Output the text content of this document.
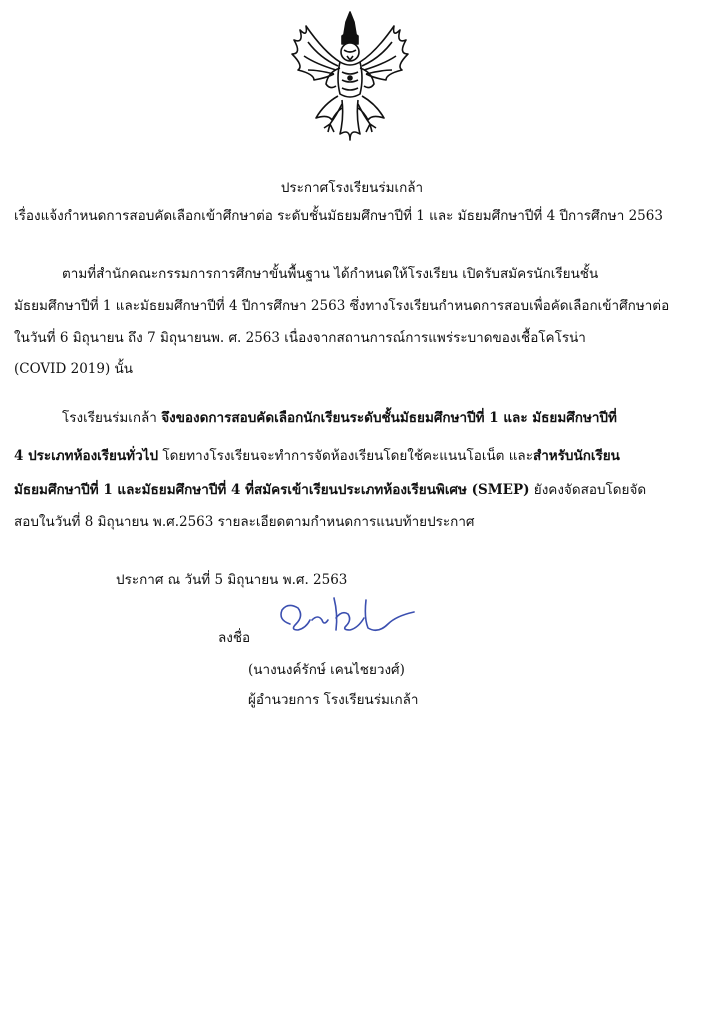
ประกาศโรงเรียนร่มเกล้า
เรื่องแจ้งกำหนดการสอบคัดเลือกเข้าศึกษาต่อ ระดับชั้นมัธยมศึกษาปีที่ 1 และ มัธยมศึกษาปีที่ 4 ปีการศึกษา 2563
ตามที่สำนักคณะกรรมการการศึกษาขั้นพื้นฐาน ได้กำหนดให้โรงเรียน เปิดรับสมัครนักเรียนชั้น
มัธยมศึกษาปีที่ 1 และมัธยมศึกษาปีที่ 4 ปีการศึกษา 2563 ซึ่งทางโรงเรียนกำหนดการสอบเพื่อคัดเลือกเข้าศึกษาต่อ
ในวันที่ 6 มิถุนายน ถึง 7 มิถุนายนพ. ศ. 2563 เนื่องจากสถานการณ์การแพร่ระบาดของเชื้อโคโรน่า
(COVID 2019) นั้น
โรงเรียนร่มเกล้า จึงของดการสอบคัดเลือกนักเรียนระดับชั้นมัธยมศึกษาปีที่ 1 และ มัธยมศึกษาปีที่
4 ประเภทห้องเรียนทั่วไป โดยทางโรงเรียนจะทำการจัดห้องเรียนโดยใช้คะแนนโอเน็ต และสำหรับนักเรียน
มัธยมศึกษาปีที่ 1 และมัธยมศึกษาปีที่ 4 ที่สมัครเข้าเรียนประเภทห้องเรียนพิเศษ (SMEP) ยังคงจัดสอบโดยจัด
สอบในวันที่ 8 มิถุนายน พ.ศ.2563 รายละเอียดตามกำหนดการแนบท้ายประกาศ
ประกาศ ณ วันที่ 5 มิถุนายน พ.ศ. 2563
ลงชื่อ
(นางนงค์รักษ์ เคนไชยวงศ์)
ผู้อำนวยการ โรงเรียนร่มเกล้า
